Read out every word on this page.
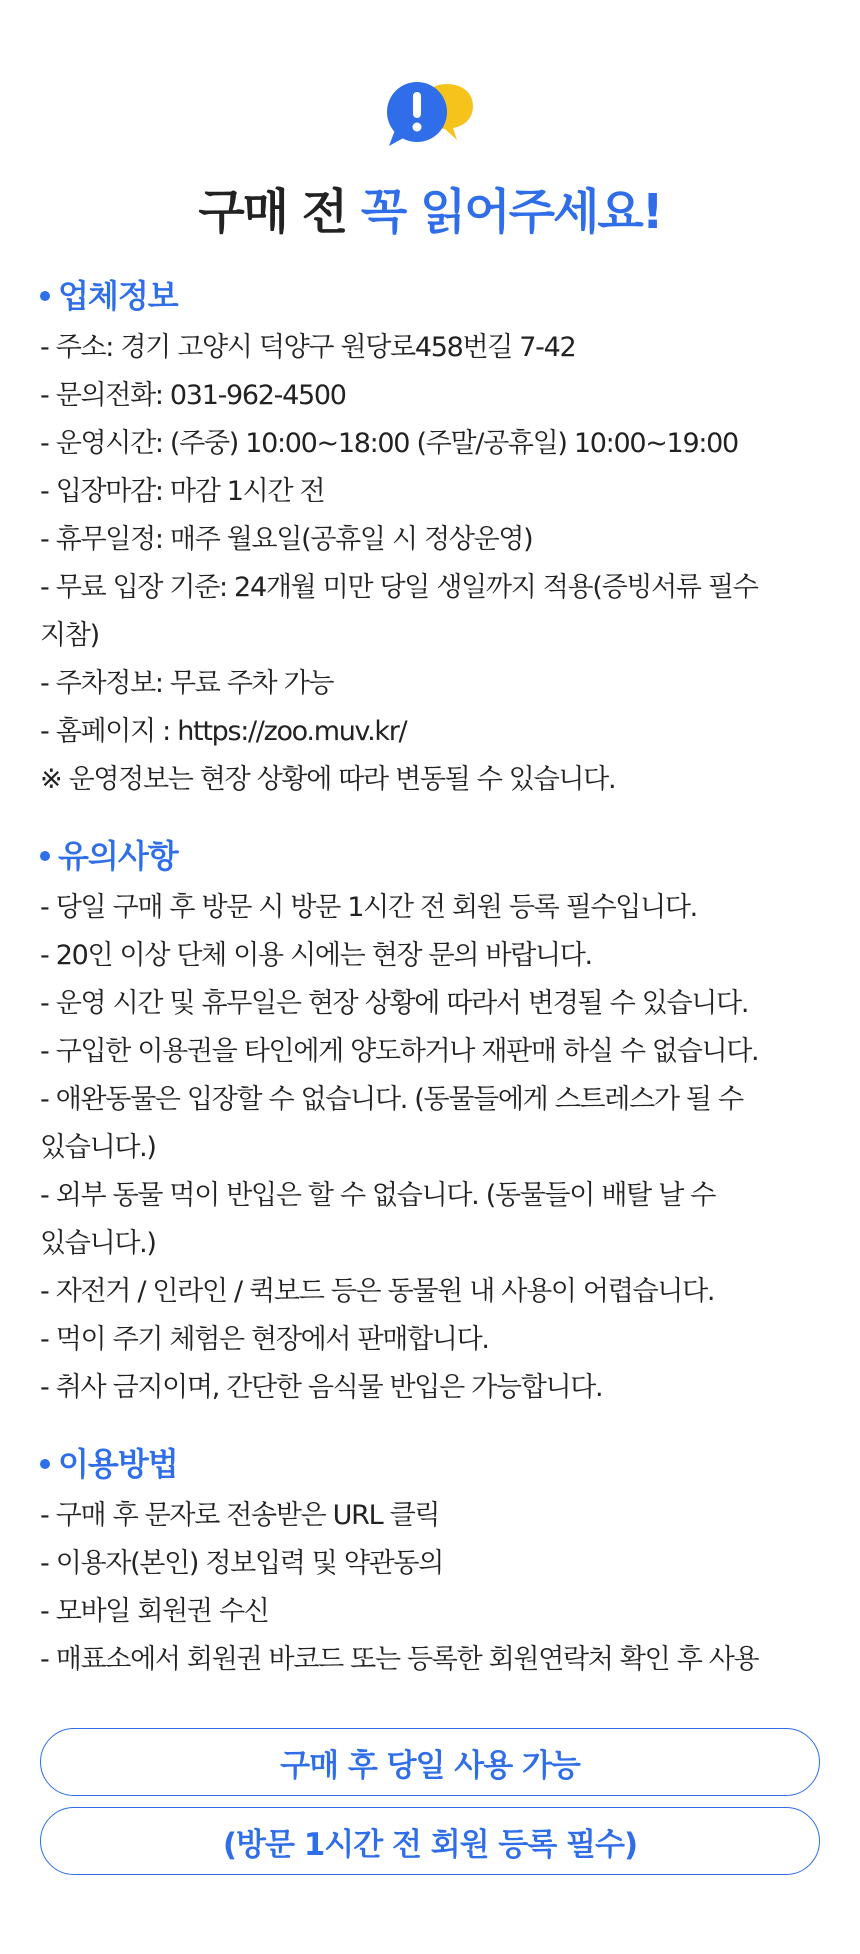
구매 전 꼭 읽어주세요!
업체정보
- 주소: 경기 고양시 덕양구 원당로458번길 7-42
- 문의전화: 031-962-4500
- 운영시간: (주중) 10:00~18:00 (주말/공휴일) 10:00~19:00
- 입장마감: 마감 1시간 전
- 휴무일정: 매주 월요일(공휴일 시 정상운영)
- 무료 입장 기준: 24개월 미만 당일 생일까지 적용(증빙서류 필수 지참)
- 주차정보: 무료 주차 가능
- 홈페이지 : https://zoo.muv.kr/
※ 운영정보는 현장 상황에 따라 변동될 수 있습니다.
유의사항
- 당일 구매 후 방문 시 방문 1시간 전 회원 등록 필수입니다.
- 20인 이상 단체 이용 시에는 현장 문의 바랍니다.
- 운영 시간 및 휴무일은 현장 상황에 따라서 변경될 수 있습니다.
- 구입한 이용권을 타인에게 양도하거나 재판매 하실 수 없습니다.
- 애완동물은 입장할 수 없습니다. (동물들에게 스트레스가 될 수 있습니다.)
- 외부 동물 먹이 반입은 할 수 없습니다. (동물들이 배탈 날 수 있습니다.)
- 자전거 / 인라인 / 퀵보드 등은 동물원 내 사용이 어렵습니다.
- 먹이 주기 체험은 현장에서 판매합니다.
- 취사 금지이며, 간단한 음식물 반입은 가능합니다.
이용방법
- 구매 후 문자로 전송받은 URL 클릭
- 이용자(본인) 정보입력 및 약관동의
- 모바일 회원권 수신
- 매표소에서 회원권 바코드 또는 등록한 회원연락처 확인 후 사용
구매 후 당일 사용 가능
(방문 1시간 전 회원 등록 필수)
